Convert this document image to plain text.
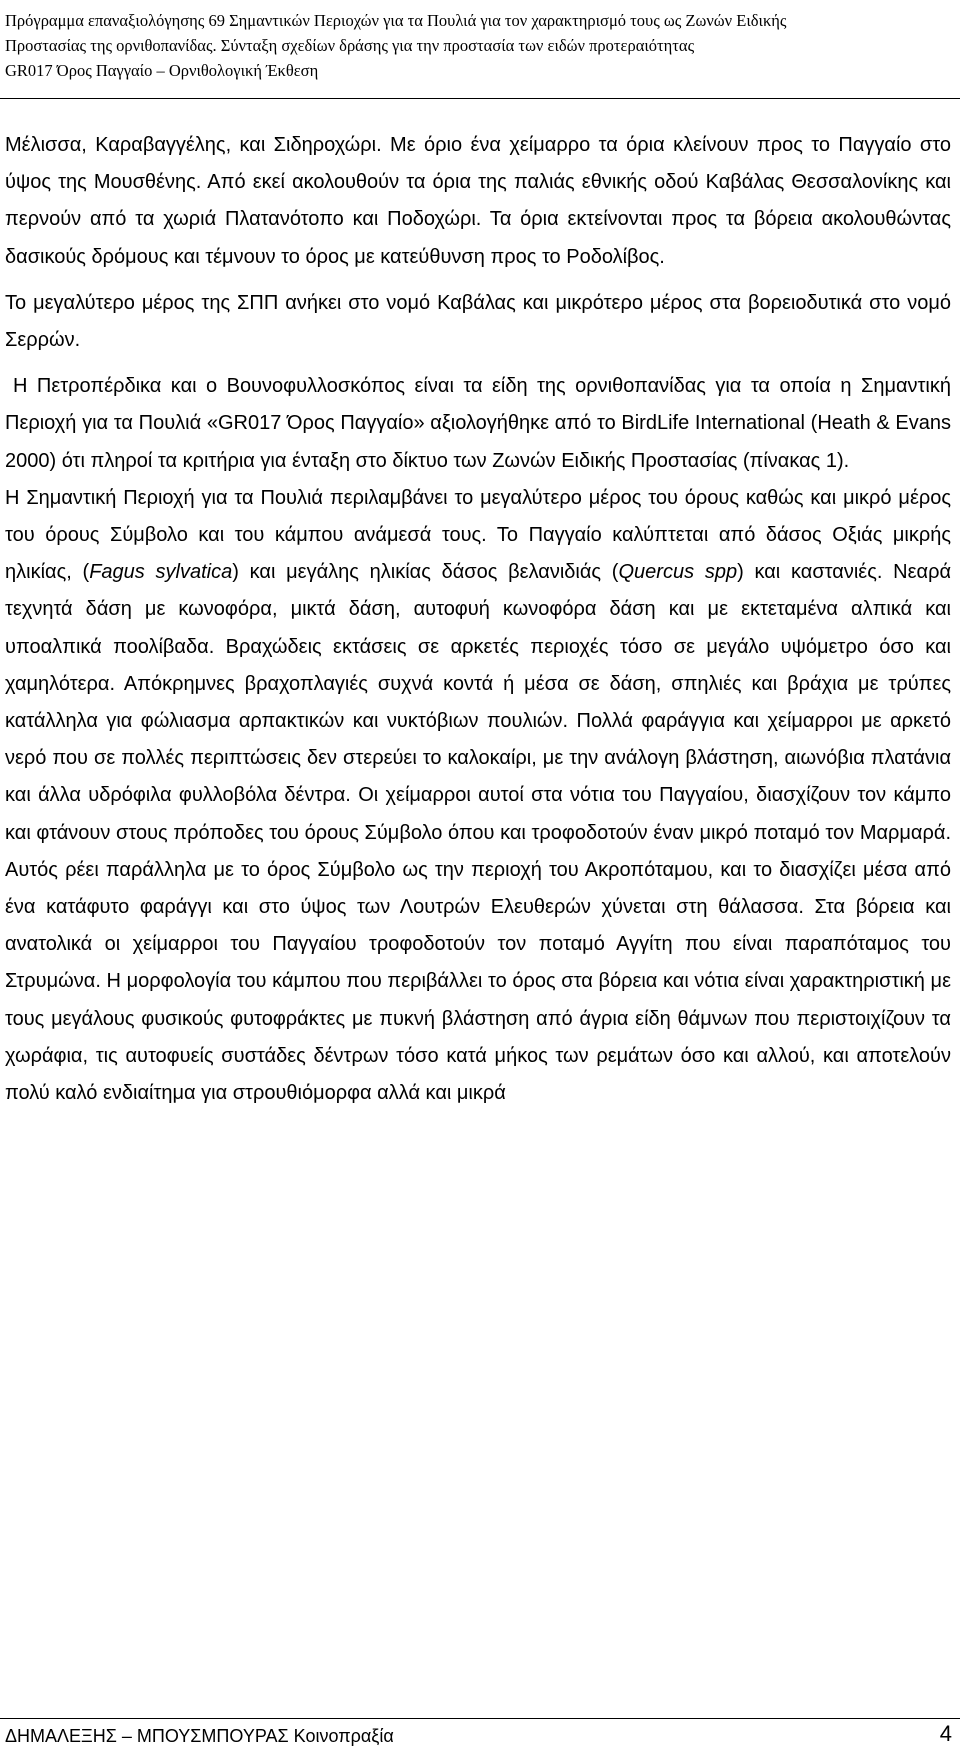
Πρόγραμμα επαναξιολόγησης 69 Σημαντικών Περιοχών για τα Πουλιά για τον χαρακτηρισμό τους ως Ζωνών Ειδικής
Προστασίας της ορνιθοπανίδας. Σύνταξη σχεδίων δράσης για την προστασία των ειδών προτεραιότητας
GR017 Όρος Παγγαίο – Ορνιθολογική Έκθεση

Μέλισσα, Καραβαγγέλης, και Σιδηροχώρι. Με όριο ένα χείμαρρο τα όρια κλείνουν προς το Παγγαίο στο ύψος της Μουσθένης. Από εκεί ακολουθούν τα όρια της παλιάς εθνικής οδού Καβάλας Θεσσαλονίκης και περνούν από τα χωριά Πλατανότοπο και Ποδοχώρι. Τα όρια εκτείνονται προς τα βόρεια ακολουθώντας δασικούς δρόμους και τέμνουν το όρος με κατεύθυνση προς το Ροδολίβος.

Το μεγαλύτερο μέρος της ΣΠΠ ανήκει στο νομό Καβάλας και μικρότερο μέρος στα βορειοδυτικά στο νομό Σερρών.

Η Πετροπέρδικα και ο Βουνοφυλλοσκόπος είναι τα είδη της ορνιθοπανίδας για τα οποία η Σημαντική Περιοχή για τα Πουλιά «GR017 Όρος Παγγαίο» αξιολογήθηκε από το BirdLife International (Heath & Evans 2000) ότι πληροί τα κριτήρια για ένταξη στο δίκτυο των Ζωνών Ειδικής Προστασίας (πίνακας 1).

Η Σημαντική Περιοχή για τα Πουλιά περιλαμβάνει το μεγαλύτερο μέρος του όρους καθώς και μικρό μέρος του όρους Σύμβολο και του κάμπου ανάμεσά τους. Το Παγγαίο καλύπτεται από δάσος Οξιάς μικρής ηλικίας, (Fagus sylvatica) και μεγάλης ηλικίας δάσος βελανιδιάς (Quercus spp) και καστανιές. Νεαρά τεχνητά δάση με κωνοφόρα, μικτά δάση, αυτοφυή κωνοφόρα δάση και με εκτεταμένα αλπικά και υποαλπικά ποολίβαδα. Βραχώδεις εκτάσεις σε αρκετές περιοχές τόσο σε μεγάλο υψόμετρο όσο και χαμηλότερα. Απόκρημνες βραχοπλαγιές συχνά κοντά ή μέσα σε δάση, σπηλιές και βράχια με τρύπες κατάλληλα για φώλιασμα αρπακτικών και νυκτόβιων πουλιών. Πολλά φαράγγια και χείμαρροι με αρκετό νερό που σε πολλές περιπτώσεις δεν στερεύει το καλοκαίρι, με την ανάλογη βλάστηση, αιωνόβια πλατάνια και άλλα υδρόφιλα φυλλοβόλα δέντρα. Οι χείμαρροι αυτοί στα νότια του Παγγαίου, διασχίζουν τον κάμπο και φτάνουν στους πρόποδες του όρους Σύμβολο όπου και τροφοδοτούν έναν μικρό ποταμό τον Μαρμαρά. Αυτός ρέει παράλληλα με το όρος Σύμβολο ως την περιοχή του Ακροπόταμου, και το διασχίζει μέσα από ένα κατάφυτο φαράγγι και στο ύψος των Λουτρών Ελευθερών χύνεται στη θάλασσα. Στα βόρεια και ανατολικά οι χείμαρροι του Παγγαίου τροφοδοτούν τον ποταμό Αγγίτη που είναι παραπόταμος του Στρυμώνα. Η μορφολογία του κάμπου που περιβάλλει το όρος στα βόρεια και νότια είναι χαρακτηριστική με τους μεγάλους φυσικούς φυτοφράκτες με πυκνή βλάστηση από άγρια είδη θάμνων που περιστοιχίζουν τα χωράφια, τις αυτοφυείς συστάδες δέντρων τόσο κατά μήκος των ρεμάτων όσο και αλλού, και αποτελούν πολύ καλό ενδιαίτημα για στρουθιόμορφα αλλά και μικρά

ΔΗΜΑΛΕΞΗΣ – ΜΠΟΥΣΜΠΟΥΡΑΣ Κοινοπραξία	4
